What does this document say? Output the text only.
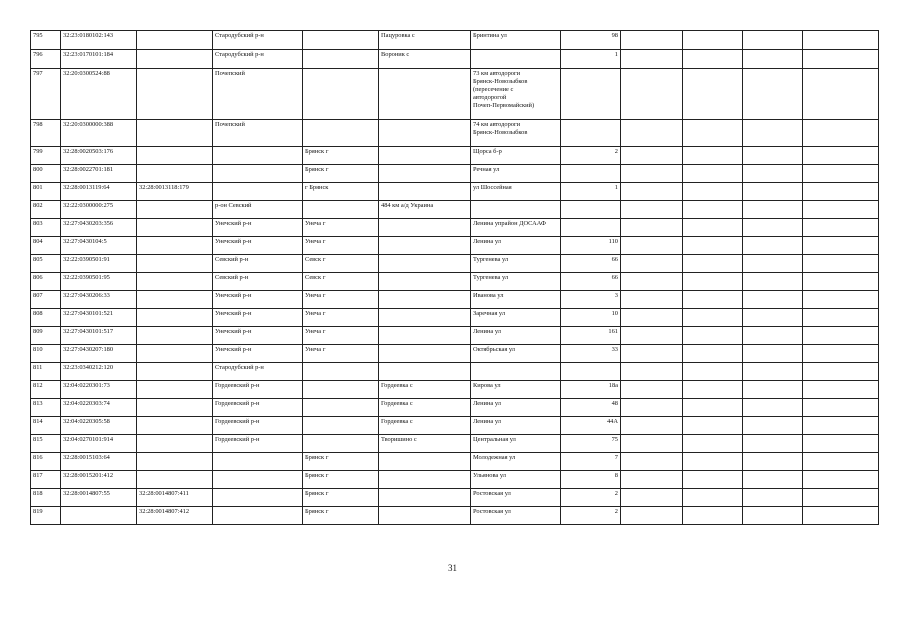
795	32:23:0180102:143		Стародубский р-н		Пацуровка с	Бринтина ул	98				
796	32:23:0170101:184		Стародубский р-н		Вороник с		1				
797	32:20:0300524:88		Почепский			73 км автодороги
Брянск-Новозыбков
(пересечение с
автодорогой
Почеп-Первомайский)					
798	32:20:0300000:388		Почепский			74 км автодороги
Брянск-Новозыбков					
799	32:28:0020503:176			Брянск г		Щорса б-р	2				
800	32:28:0022701:181			Брянск г		Речная ул					
801	32:28:0013119:64	32:28:0013118:179		г Брянск		ул Шоссейная	1				
802	32:22:0300000:275		р-он Севский		484 км а/д Украина						
803	32:27:0430203:356		Унечский р-н	Унеча г		Ленина упрайон ДОСААФ					
804	32:27:0430104:5		Унечский р-н	Унеча г		Ленина ул	110				
805	32:22:0390501:91		Севский р-н	Севск г		Тургенева ул	66				
806	32:22:0390501:95		Севский р-н	Севск г		Тургенева ул	66				
807	32:27:0430206:33		Унечский р-н	Унеча г		Иванова ул	3				
808	32:27:0430101:521		Унечский р-н	Унеча г		Заречная ул	10				
809	32:27:0430101:517		Унечский р-н	Унеча г		Ленина ул	161				
810	32:27:0430207:180		Унечский р-н	Унеча г		Октябрьская ул	33				
811	32:23:0340212:120		Стародубский р-н								
812	32:04:0220301:73		Гордеевский р-н		Гордеевка с	Кирова ул	18а				
813	32:04:0220303:74		Гордеевский р-н		Гордеевка с	Ленина ул	48				
814	32:04:0220305:58		Гордеевский р-н		Гордеевка с	Ленина ул	44А				
815	32:04:0270101:914		Гордеевский р-н		Творишино с	Центральная ул	75				
816	32:28:0015103:64			Брянск г		Молодежная ул	7				
817	32:28:0015201:412			Брянск г		Ульянова ул	8				
818	32:28:0014807:55	32:28:0014807:411		Брянск г		Ростовская ул	2				
819		32:28:0014807:412		Брянск г		Ростовская ул	2				
31
